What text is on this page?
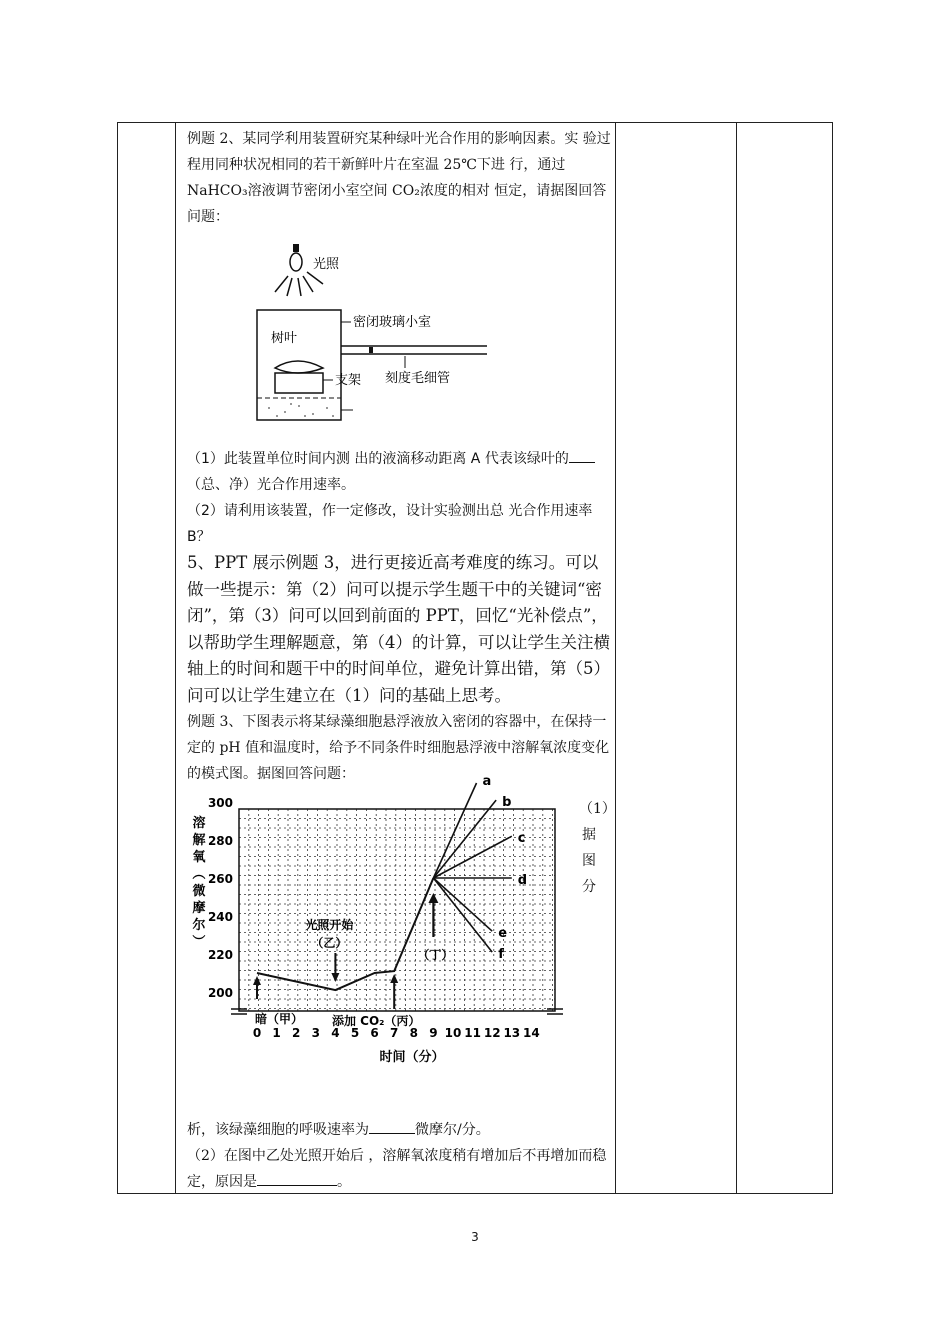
例题 2、某同学利用装置研究某种绿叶光合作用的影响因素。实 验过程用同种状况相同的若干新鲜叶片在室温 25℃下进 行，通过 NaHCO₃溶液调节密闭小室空间 CO₂浓度的相对 恒定，请据图回答问题：

光照
密闭玻璃小室
树叶
支架 刻度毛细管

（1）此装置单位时间内测 出的液滴移动距离 A 代表该绿叶的（总、净）光合作用速率。

（2）请利用该装置，作一定修改，设计实验测出总 光合作用速率 B？

5、PPT 展示例题 3，进行更接近高考难度的练习。可以做一些提示：第（2）问可以提示学生题干中的关键词“密闭”，第（3）问可以回到前面的 PPT，回忆“光补偿点”，以帮助学生理解题意，第（4）的计算，可以让学生关注横轴上的时间和题干中的时间单位，避免计算出错，第（5）问可以让学生建立在（1）问的基础上思考。

例题 3、下图表示将某绿藻细胞悬浮液放入密闭的容器中，在保持一定的 pH 值和温度时，给予不同条件时细胞悬浮液中溶解氧浓度变化的模式图。据图回答问题：

200
220
240
260
280
300
0 1 2 3 4 5 6 7 8 9 10 11 12 13 14
时间（分）
溶
解
氧
（
微
摩
尔
）
a
b
c
d
e
f
暗（甲）
光照开始
（乙）
添加 CO₂（丙）
（丁）

析，该绿藻细胞的呼吸速率为	微摩尔/分。

（2）在图中乙处光照开始后 ，溶解氧浓度稍有增加后不再增加而稳定，原因是	。

（1）据图分
3
